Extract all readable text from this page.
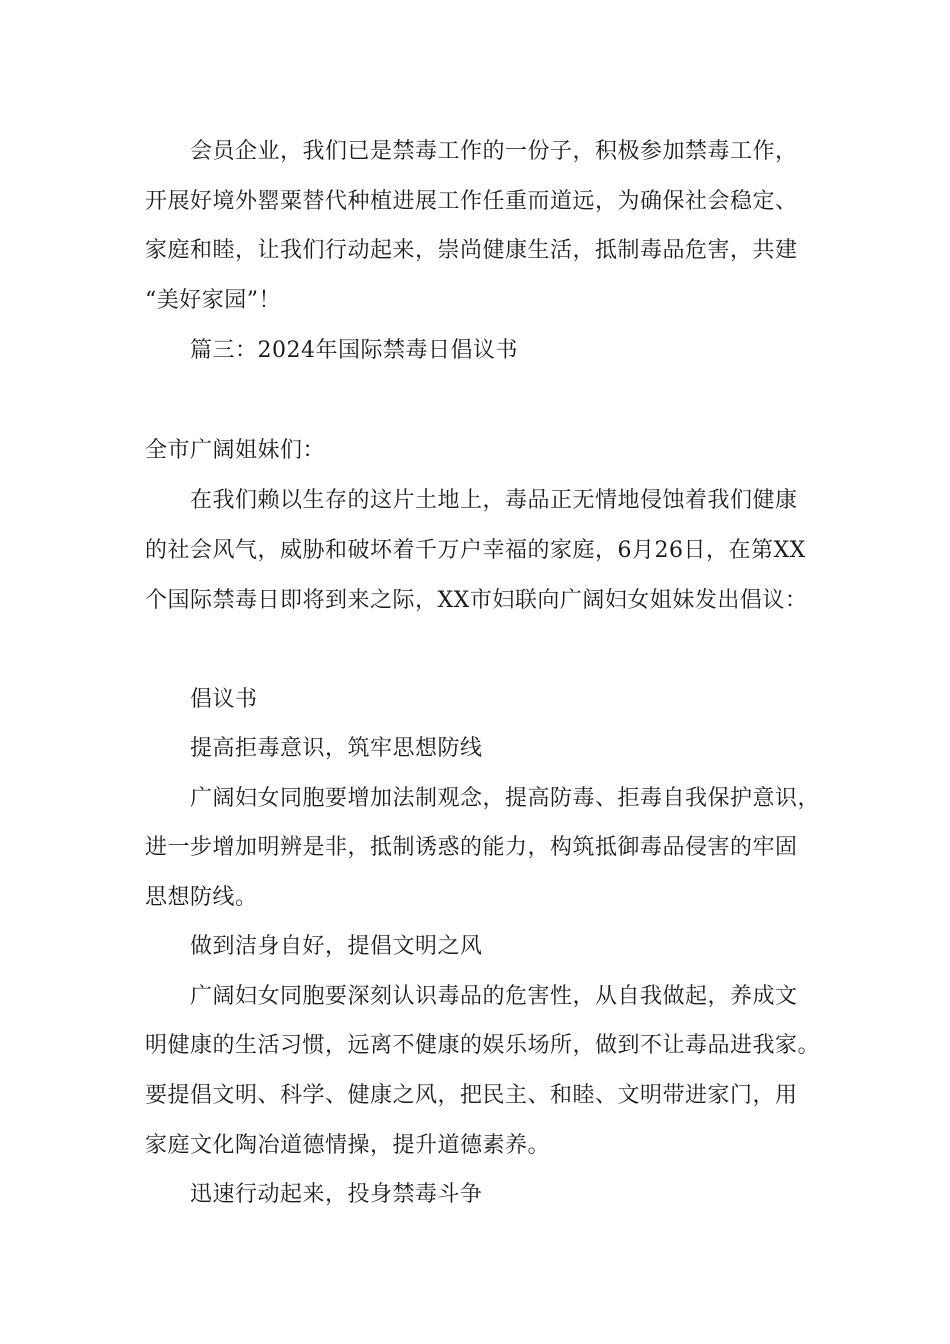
会员企业，我们已是禁毒工作的一份子，积极参加禁毒工作，
开展好境外罂粟替代种植进展工作任重而道远，为确保社会稳定、
家庭和睦，让我们行动起来，崇尚健康生活，抵制毒品危害，共建
“美好家园”！
篇三：2024年国际禁毒日倡议书
全市广阔姐妹们：
在我们赖以生存的这片土地上，毒品正无情地侵蚀着我们健康
的社会风气，威胁和破坏着千万户幸福的家庭，6月26日，在第XX
个国际禁毒日即将到来之际，XX市妇联向广阔妇女姐妹发出倡议：
倡议书
提高拒毒意识，筑牢思想防线
广阔妇女同胞要增加法制观念，提高防毒、拒毒自我保护意识，
进一步增加明辨是非，抵制诱惑的能力，构筑抵御毒品侵害的牢固
思想防线。
做到洁身自好，提倡文明之风
广阔妇女同胞要深刻认识毒品的危害性，从自我做起，养成文
明健康的生活习惯，远离不健康的娱乐场所，做到不让毒品进我家。
要提倡文明、科学、健康之风，把民主、和睦、文明带进家门，用
家庭文化陶冶道德情操，提升道德素养。
迅速行动起来，投身禁毒斗争
